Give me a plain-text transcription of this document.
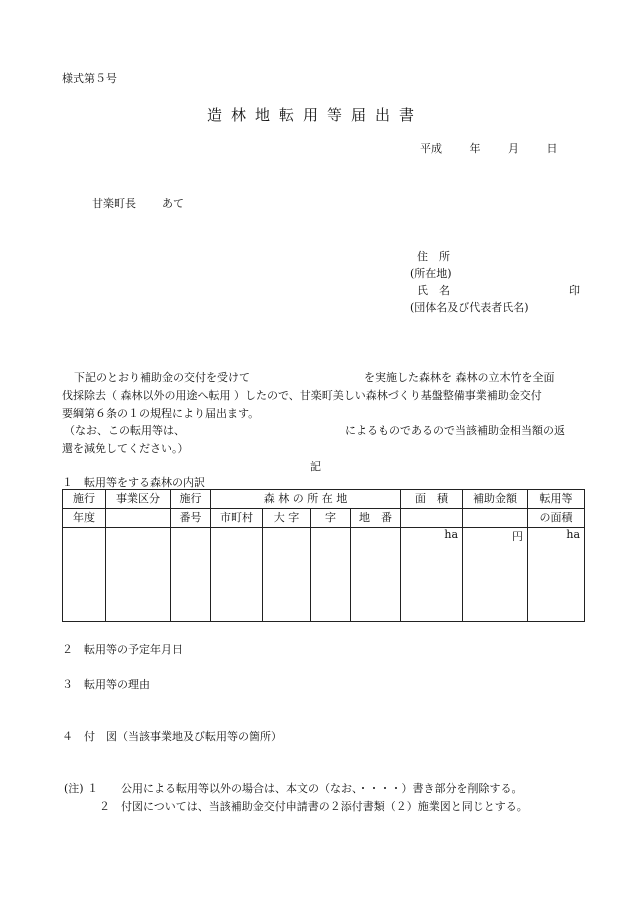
様式第５号
造林地転用等届出書
平成	年	月	日
甘楽町長 あて
住　所
(所在地)
氏　名	印
(団体名及び代表者氏名)
下記のとおり補助金の交付を受けて	を実施した森林を 森林の立木竹を全面
伐採除去（ 森林以外の用途へ転用 ）したので、甘楽町美しい森林づくり基盤整備事業補助金交付
要綱第６条の１の規程により届出ます。
（なお、この転用等は、	によるものであるので当該補助金相当額の返
還を減免してください。）
記
１　転用等をする森林の内訳
施行	事業区分	施行	森 林 の 所 在 地				面　積	補助金額	転用等
年度		番号	市町村	大 字	字	地　番			の面積
							ha	円	ha
２　転用等の予定年月日
３　転用等の理由
４　付　図（当該事業地及び転用等の箇所）
(注) １ 公用による転用等以外の場合は、本文の（なお、・・・・）書き部分を削除する。
２ 付図については、当該補助金交付申請書の２添付書類（２）施業図と同じとする。
